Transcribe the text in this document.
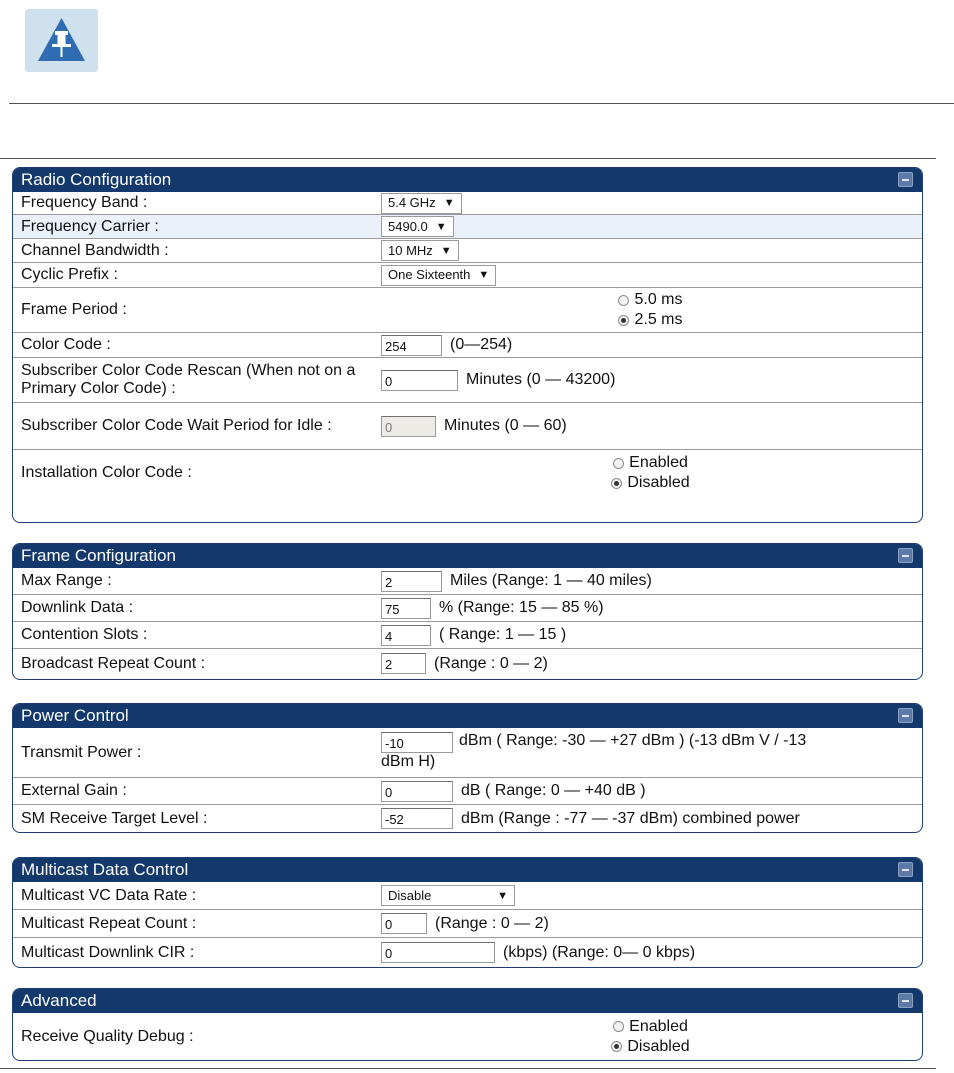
Radio Configuration
Frequency Band :	5.4 GHz ▼
Frequency Carrier :	5490.0 ▼
Channel Bandwidth :	10 MHz ▼
Cyclic Prefix :	One Sixteenth ▼
Frame Period :
5.0 ms
2.5 ms
Color Code :	254	(0—254)
Subscriber Color Code Rescan (When not on a Primary Color Code) :	0	Minutes (0 — 43200)
Subscriber Color Code Wait Period for Idle :	0	Minutes (0 — 60)
Installation Color Code :
Enabled
Disabled
Frame Configuration
Max Range :	2	Miles (Range: 1 — 40 miles)
Downlink Data :	75	% (Range: 15 — 85 %)
Contention Slots :	4	( Range: 1 — 15 )
Broadcast Repeat Count :	2	(Range : 0 — 2)
Power Control
Transmit Power :	-10	dBm ( Range: -30 — +27 dBm ) (-13 dBm V / -13
dBm H)
External Gain :	0	dB ( Range: 0 — +40 dB )
SM Receive Target Level :	-52	dBm (Range : -77 — -37 dBm) combined power
Multicast Data Control
Multicast VC Data Rate :	Disable	▼
Multicast Repeat Count :	0	(Range : 0 — 2)
Multicast Downlink CIR :	0	(kbps) (Range: 0— 0 kbps)
Advanced
Receive Quality Debug :
Enabled
Disabled
